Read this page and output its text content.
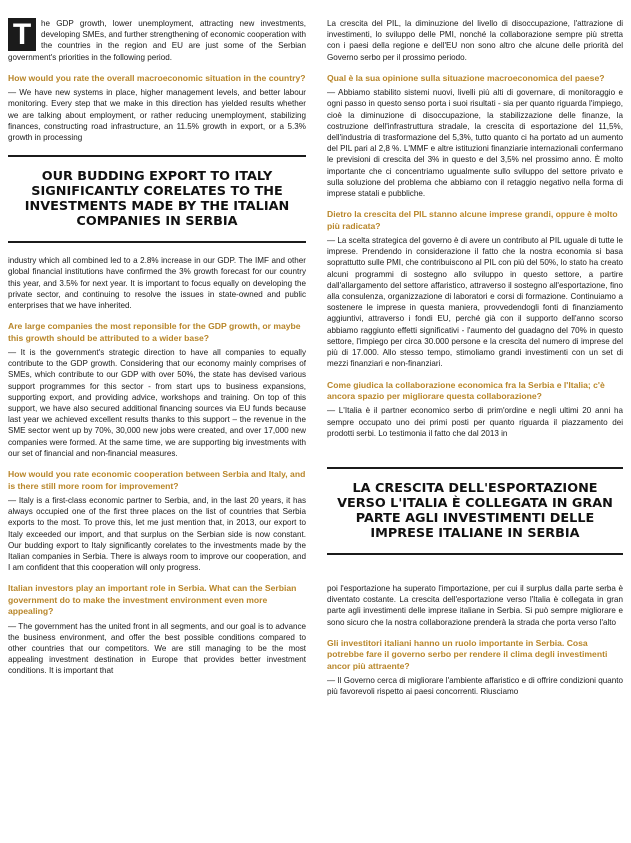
T	he GDP growth, lower unemployment, attracting new investments, developing SMEs, and further strengthening of economic cooperation with the countries in the region and EU are just some of the Serbian government's priorities in the following period.

How would you rate the overall macroeconomic situation in the country?

— We have new systems in place, higher management levels, and better labour monitoring. Every step that we make in this direction has yielded results whether we are talking about employment, or rather reducing unemployment, stabilizing finances, constructing road infrastructure, an 11.5% growth in export, or a 5.3% growth in processing

OUR BUDDING EXPORT TO ITALY SIGNIFICANTLY CORELATES TO THE INVESTMENTS MADE BY THE ITALIAN COMPANIES IN SERBIA

industry which all combined led to a 2.8% increase in our GDP. The IMF and other global financial institutions have confirmed the 3% growth forecast for our country this year, and 3.5% for next year. It is important to focus equally on developing the private sector, and continuing to resolve the issues in state-owned and public enterprises that we have inherited.

Are large companies the most reponsible for the GDP growth, or maybe this growth should be attributed to a wider base?

— It is the government's strategic direction to have all companies to equally contribute to the GDP growth. Considering that our economy mainly comprises of SMEs, which contribute to our GDP with over 50%, the state has devised various support programmes for this sector - from start ups to business expansions, supporting export, and providing advice, workshops and training. On top of this support, we have also secured additional financing sources via EU funds because last year we achieved excellent results thanks to this support – the revenue in the SME sector went up by 70%, 30,000 new jobs were created, and over 17,000 new companies were formed. At the same time, we are supporting big investments with our set of financial and non-financial measures.

How would you rate economic cooperation between Serbia and Italy, and is there still more room for improvement?

— Italy is a first-class economic partner to Serbia, and, in the last 20 years, it has always occupied one of the first three places on the list of countries that Serbia exports to the most. To prove this, let me just mention that, in 2013, our export to Italy exceeded our import, and that surplus on the Serbian side is now constant. Our budding export to Italy significantly corelates to the investments made by the Italian companies in Serbia. There is always room to improve our cooperation, and I am confident that this cooperation will only progress.

Italian investors play an important role in Serbia. What can the Serbian government do to make the investment environment even more appealing?

— The government has the united front in all segments, and our goal is to advance the business environment, and offer the best possible conditions compared to other countries that our competitors. We are still managing to be the most appealing investment destination in Europe that provides better investment conditions. It is important that

La crescita del PIL, la diminuzione del livello di disoccupazione, l'attrazione di investimenti, lo sviluppo delle PMI, nonché la collaborazione sempre più stretta con i paesi della regione e dell'EU non sono altro che alcune delle priorità del Governo serbo per il prossimo periodo.

Qual è la sua opinione sulla situazione macroeconomica del paese?

— Abbiamo stabilito sistemi nuovi, livelli più alti di governare, di monitoraggio e ogni passo in questo senso porta i suoi risultati - sia per quanto riguarda l'impiego, cioè la diminuzione di disoccupazione, la stabilizzazione delle finanze, la costruzione dell'infrastruttura stradale, la crescita di esportazione del 11,5%, dell'industria di trasformazione del 5,3%, tutto quanto ci ha portato ad un aumento del PIL pari al 2,8 %. L'MMF e altre istituzioni finanziarie internazionali confermano le previsioni di crescita del 3% in questo e del 3,5% nel prossimo anno. È molto importante che ci concentriamo ugualmente sullo sviluppo del settore privato e sulla soluzione del problema che abbiamo con il retaggio negativo nella forma di imprese statali e pubbliche.

Dietro la crescita del PIL stanno alcune imprese grandi, oppure è molto più radicata?

— La scelta strategica del governo è di avere un contributo al PIL uguale di tutte le imprese. Prendendo in considerazione il fatto che la nostra economia si basa soprattutto sulle PMI, che contribuiscono al PIL con più del 50%, lo stato ha creato alcuni programmi di sostegno allo sviluppo in questo settore, a partire dall'allargamento del settore affaristico, attraverso il sostegno all'esportazione, fino alla consulenza, organizzazione di laboratori e corsi di formazione. Continuiamo a sostenere le imprese in questa maniera, provvedendogli fonti di finanziamento aggiuntivi, attraverso i fondi EU, perché già con il supporto dell'anno scorso abbiamo raggiunto effetti significativi - l'aumento del guadagno del 70% in questo settore, l'impiego per circa 30.000 persone e la crescita del numero di imprese del più di 17.000. Allo stesso tempo, stimoliamo grandi investimenti con un set di mezzi finanziari e non-finanziari.

Come giudica la collaborazione economica fra la Serbia e l'Italia; c'è ancora spazio per migliorare questa collaborazione?

— L'Italia è il partner economico serbo di prim'ordine e negli ultimi 20 anni ha sempre occupato uno dei primi posti per quanto riguarda il piazzamento dei prodotti serbi. Lo testimonia il fatto che dal 2013 in

LA CRESCITA DELL'ESPORTAZIONE VERSO L'ITALIA È COLLEGATA IN GRAN PARTE AGLI INVESTIMENTI DELLE IMPRESE ITALIANE IN SERBIA

poi l'esportazione ha superato l'importazione, per cui il surplus dalla parte serba è diventato costante. La crescita dell'esportazione verso l'Italia è collegata in gran parte agli investimenti delle imprese italiane in Serbia. Si può sempre migliorare e sono sicuro che la nostra collaborazione prenderà la strada che porta verso l'alto

Gli investitori italiani hanno un ruolo importante in Serbia. Cosa potrebbe fare il governo serbo per rendere il clima degli investimenti ancor più attraente?

— Il Governo cerca di migliorare l'ambiente affaristico e di offrire condizioni quanto più favorevoli rispetto ai paesi concorrenti. Riusciamo
